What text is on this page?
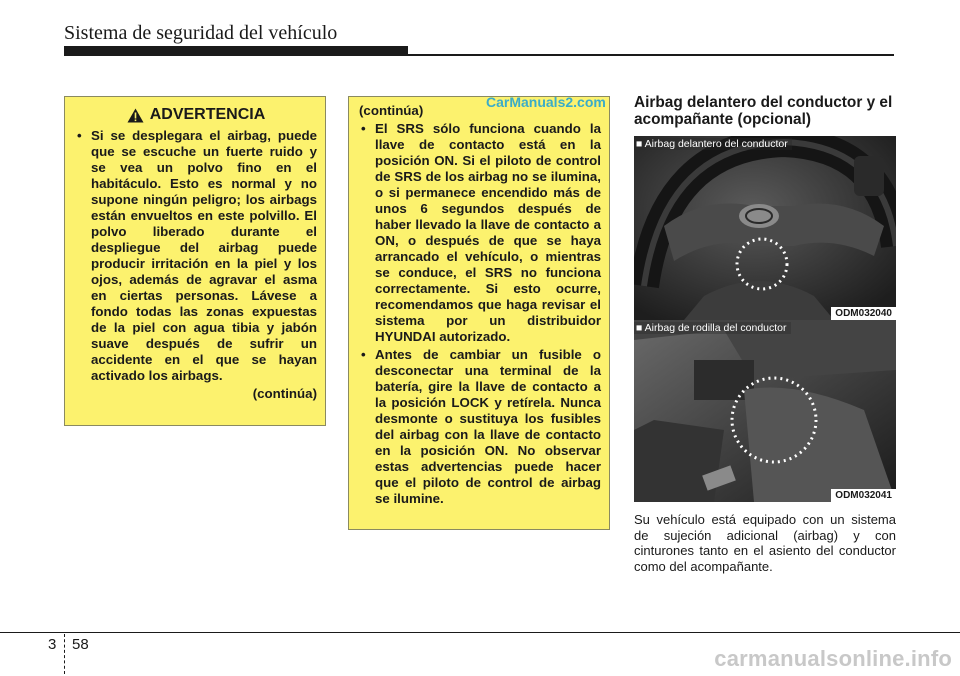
Sistema de seguridad del vehículo
ADVERTENCIA
• Si se desplegara el airbag, puede que se escuche un fuerte ruido y se vea un polvo fino en el habitáculo. Esto es normal y no supone ningún peligro; los airbags están envueltos en este polvillo. El polvo liberado durante el despliegue del airbag puede producir irritación en la piel y los ojos, además de agravar el asma en ciertas personas. Lávese a fondo todas las zonas expuestas de la piel con agua tibia y jabón suave después de sufrir un accidente en el que se hayan activado los airbags.
(continúa)
(continúa)
• El SRS sólo funciona cuando la llave de contacto está en la posición ON. Si el piloto de control de SRS de los airbag no se ilumina, o si permanece encendido más de unos 6 segundos después de haber llevado la llave de contacto a ON, o después de que se haya arrancado el vehículo, o mientras se conduce, el SRS no funciona correctamente. Si esto ocurre, recomendamos que haga revisar el sistema por un distribuidor HYUNDAI autorizado.
• Antes de cambiar un fusible o desconectar una terminal de la batería, gire la llave de contacto a la posición LOCK y retírela. Nunca desmonte o sustituya los fusibles del airbag con la llave de contacto en la posición ON. No observar estas advertencias puede hacer que el piloto de control de airbag se ilumine.
CarManuals2.com Airbag delantero del conductor y el acompañante (opcional)
■ Airbag delantero del conductor
ODM032040
■ Airbag de rodilla del conductor
ODM032041
Su vehículo está equipado con un sistema de sujeción adicional (airbag) y con cinturones tanto en el asiento del conductor como del acompañante.
3 58
carmanualsonline.info
